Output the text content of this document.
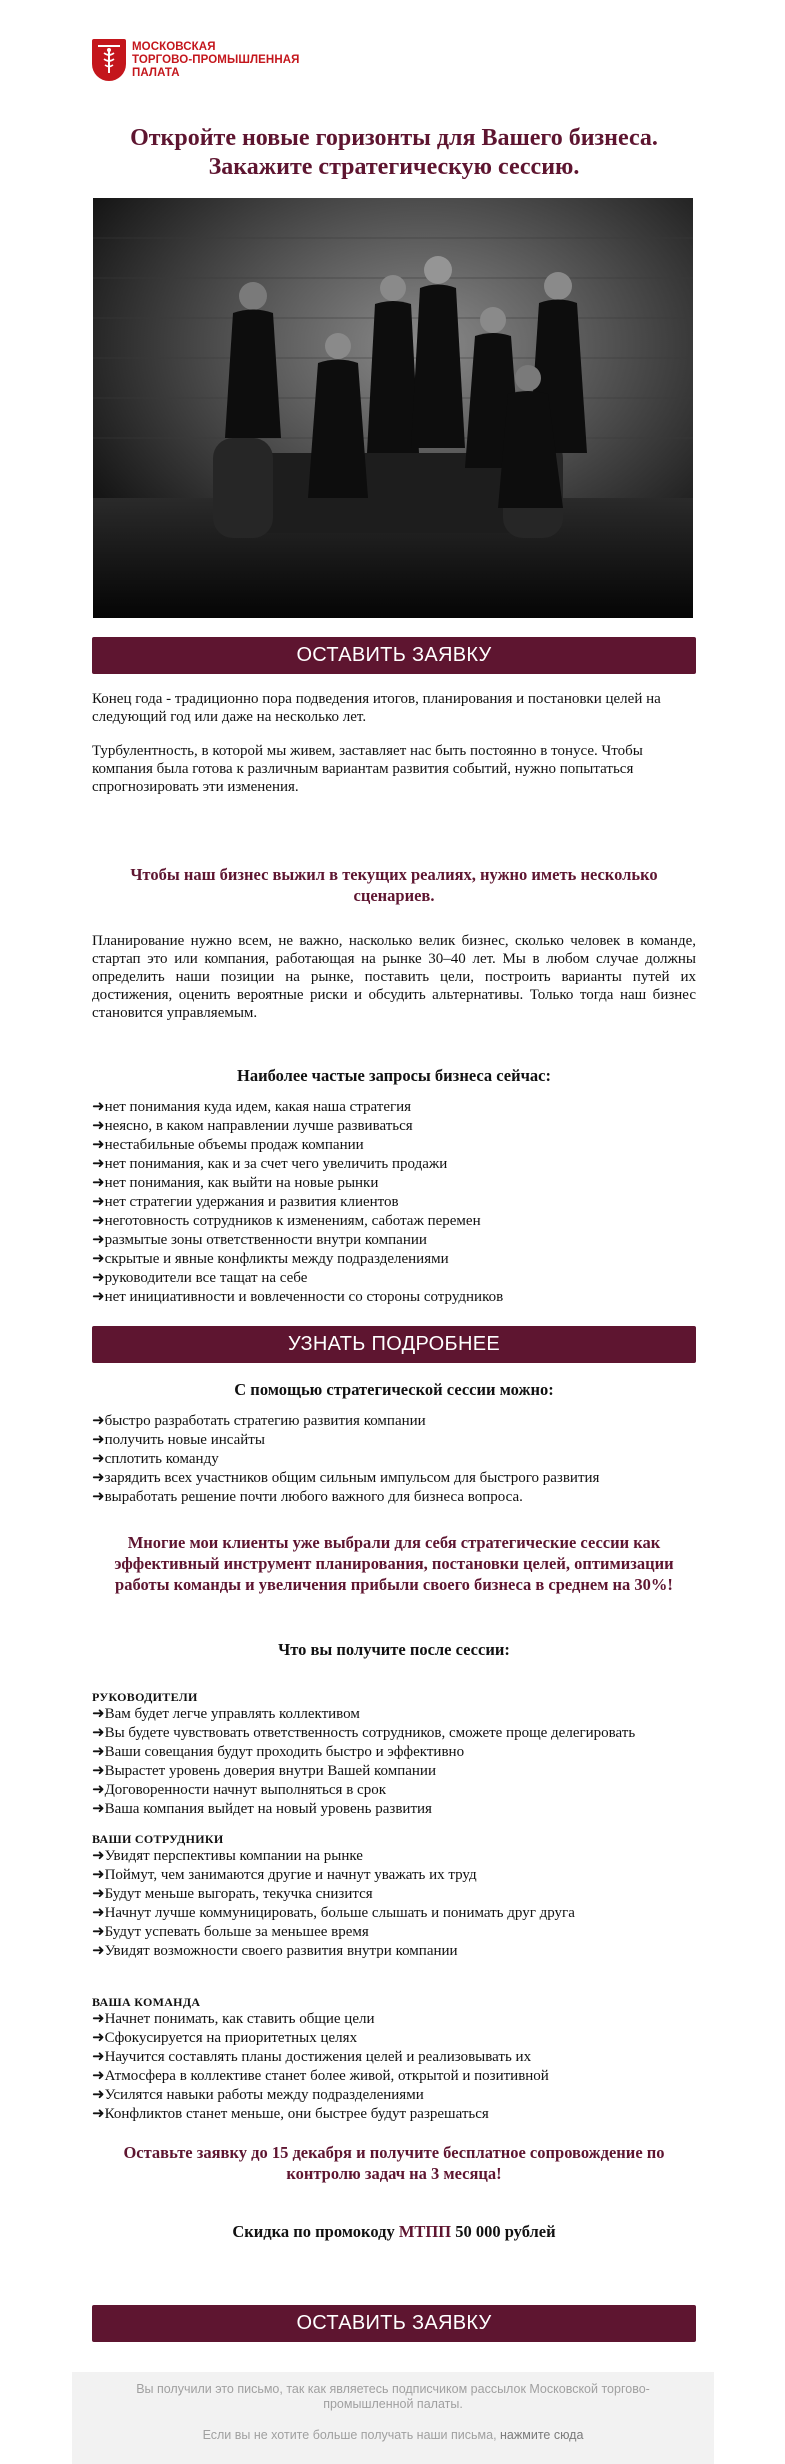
МОСКОВСКАЯ
ТОРГОВО-ПРОМЫШЛЕННАЯ
ПАЛАТА
Откройте новые горизонты для Вашего бизнеса.
Закажите стратегическую сессию.
ОСТАВИТЬ ЗАЯВКУ

Конец года - традиционно пора подведения итогов, планирования и постановки целей на следующий год или даже на несколько лет.

Турбулентность, в которой мы живем, заставляет нас быть постоянно в тонусе. Чтобы компания была готова к различным вариантам развития событий, нужно попытаться спрогнозировать эти изменения.

Чтобы наш бизнес выжил в текущих реалиях, нужно иметь несколько сценариев.

Планирование нужно всем, не важно, насколько велик бизнес, сколько человек в команде, стартап это или компания, работающая на рынке 30–40 лет. Мы в любом случае должны определить наши позиции на рынке, поставить цели, построить варианты путей их достижения, оценить вероятные риски и обсудить альтернативы. Только тогда наш бизнес становится управляемым.

Наиболее частые запросы бизнеса сейчас:
➜нет понимания куда идем, какая наша стратегия
➜неясно, в каком направлении лучше развиваться
➜нестабильные объемы продаж компании
➜нет понимания, как и за счет чего увеличить продажи
➜нет понимания, как выйти на новые рынки
➜нет стратегии удержания и развития клиентов
➜неготовность сотрудников к изменениям, саботаж перемен
➜размытые зоны ответственности внутри компании
➜скрытые и явные конфликты между подразделениями
➜руководители все тащат на себе
➜нет инициативности и вовлеченности со стороны сотрудников
УЗНАТЬ ПОДРОБНЕЕ
С помощью стратегической сессии можно:
➜быстро разработать стратегию развития компании
➜получить новые инсайты
➜сплотить команду
➜зарядить всех участников общим сильным импульсом для быстрого развития
➜выработать решение почти любого важного для бизнеса вопроса.
Многие мои клиенты уже выбрали для себя стратегические сессии как эффективный инструмент планирования, постановки целей, оптимизации работы команды и увеличения прибыли своего бизнеса в среднем на 30%!
Что вы получите после сессии:
РУКОВОДИТЕЛИ
➜Вам будет легче управлять коллективом
➜Вы будете чувствовать ответственность сотрудников, сможете проще делегировать
➜Ваши совещания будут проходить быстро и эффективно
➜Вырастет уровень доверия внутри Вашей компании
➜Договоренности начнут выполняться в срок
➜Ваша компания выйдет на новый уровень развития
ВАШИ СОТРУДНИКИ
➜Увидят перспективы компании на рынке
➜Поймут, чем занимаются другие и начнут уважать их труд
➜Будут меньше выгорать, текучка снизится
➜Начнут лучше коммуницировать, больше слышать и понимать друг друга
➜Будут успевать больше за меньшее время
➜Увидят возможности своего развития внутри компании
ВАША КОМАНДА
➜Начнет понимать, как ставить общие цели
➜Сфокусируется на приоритетных целях
➜Научится составлять планы достижения целей и реализовывать их
➜Атмосфера в коллективе станет более живой, открытой и позитивной
➜Усилятся навыки работы между подразделениями
➜Конфликтов станет меньше, они быстрее будут разрешаться
Оставьте заявку до 15 декабря и получите бесплатное сопровождение по контролю задач на 3 месяца!
Скидка по промокоду МТПП 50 000 рублей
ОСТАВИТЬ ЗАЯВКУ
Вы получили это письмо, так как являетесь подписчиком рассылок Московской торгово-промышленной палаты.
Если вы не хотите больше получать наши письма, нажмите сюда
